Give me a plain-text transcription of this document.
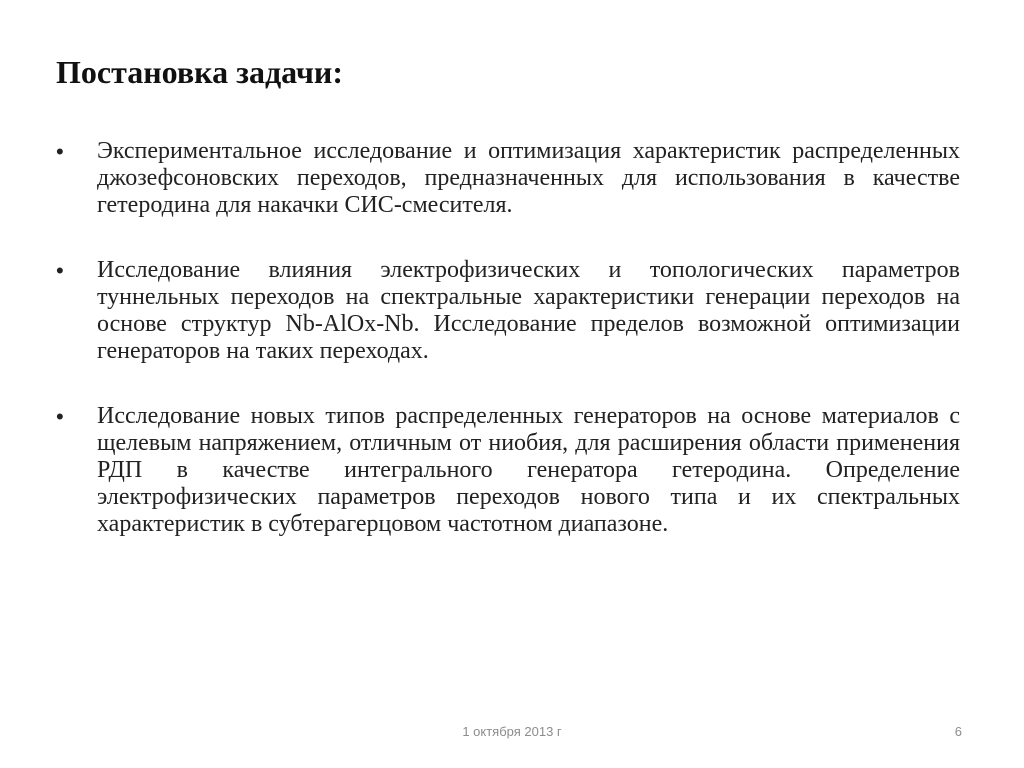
Постановка задачи:
• Экспериментальное исследование и оптимизация характеристик распределенных джозефсоновских переходов, предназначенных для использования в качестве гетеродина для накачки СИС-смесителя.
• Исследование влияния электрофизических и топологических параметров туннельных переходов на спектральные характеристики генерации переходов на основе структур Nb-AlOx-Nb. Исследование пределов возможной оптимизации генераторов на таких переходах.
• Исследование новых типов распределенных генераторов на основе материалов с щелевым напряжением, отличным от ниобия, для расширения области применения РДП в качестве интегрального генератора гетеродина. Определение электрофизических параметров переходов нового типа и их спектральных характеристик в субтерагерцовом частотном диапазоне.
1 октября 2013 г	6
